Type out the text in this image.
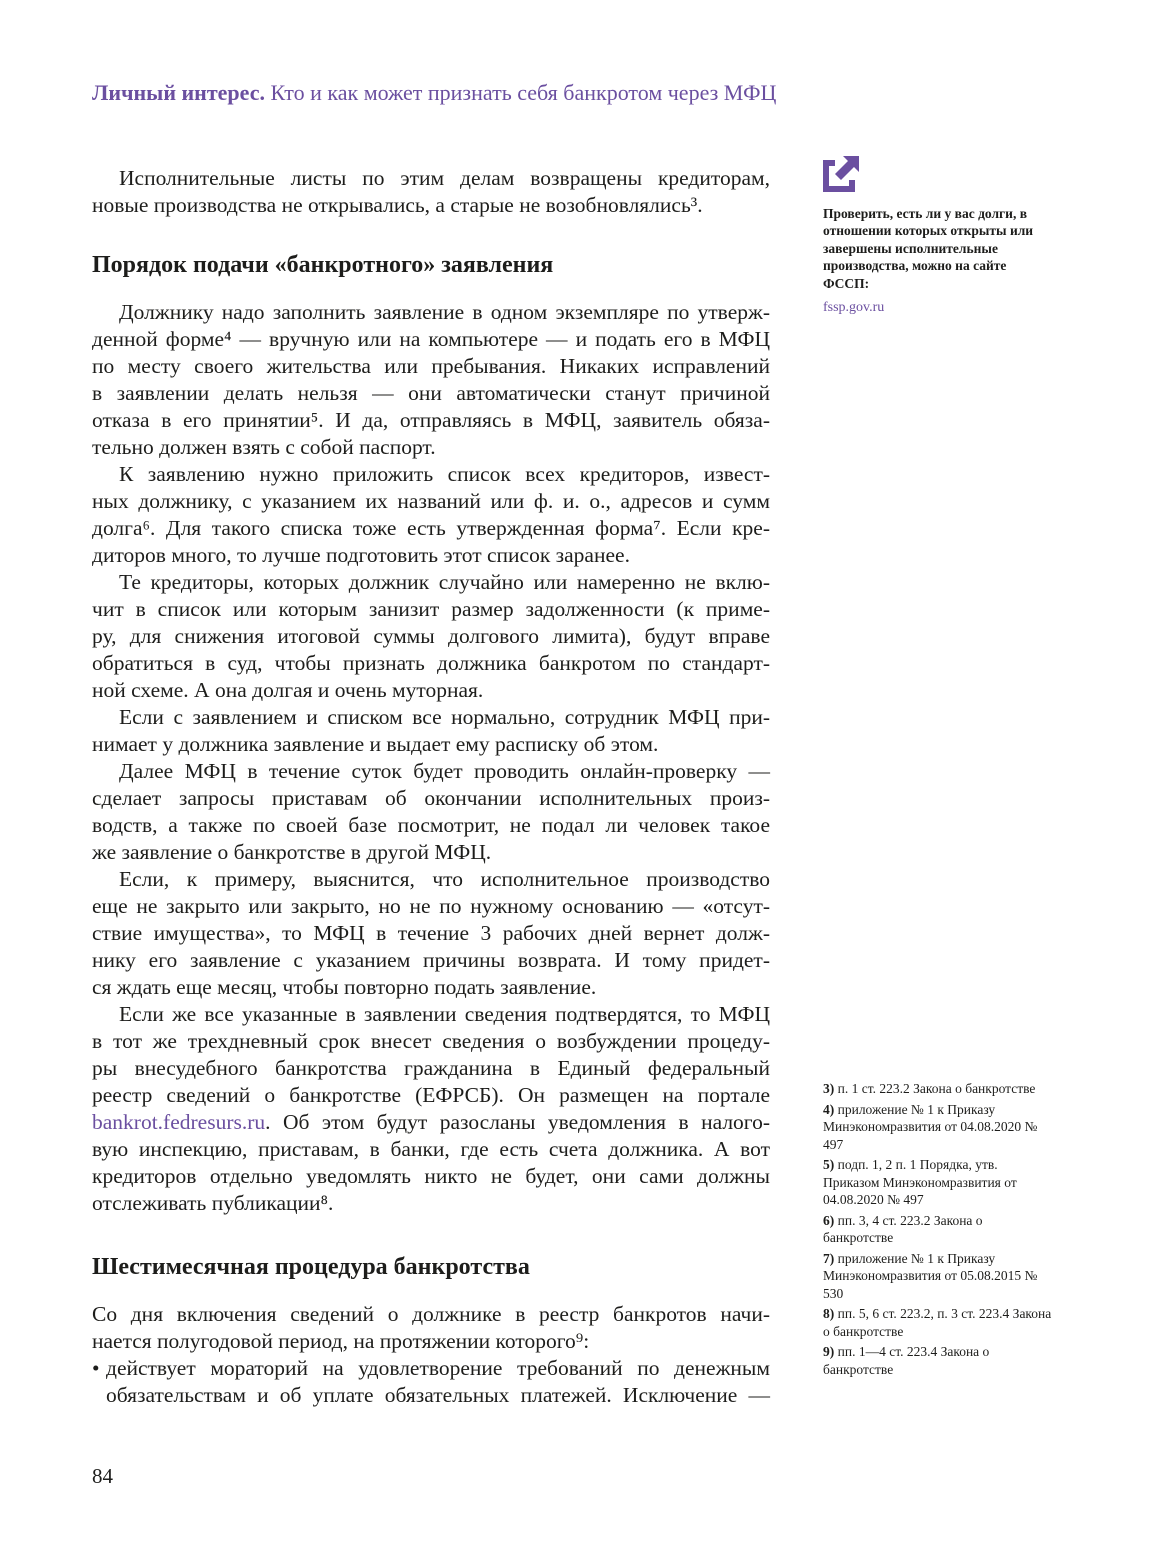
Личный интерес. Кто и как может признать себя банкротом через МФЦ
Исполнительные листы по этим делам возвращены кредиторам,
новые производства не открывались, а старые не возобновлялись³.
Порядок подачи «банкротного» заявления
Должнику надо заполнить заявление в одном экземпляре по утверж-
денной форме⁴ — вручную или на компьютере — и подать его в МФЦ
по месту своего жительства или пребывания. Никаких исправлений
в заявлении делать нельзя — они автоматически станут причиной
отказа в его принятии⁵. И да, отправляясь в МФЦ, заявитель обяза-
тельно должен взять с собой паспорт.
К заявлению нужно приложить список всех кредиторов, извест-
ных должнику, с указанием их названий или ф. и. о., адресов и сумм
долга⁶. Для такого списка тоже есть утвержденная форма⁷. Если кре-
диторов много, то лучше подготовить этот список заранее.
Те кредиторы, которых должник случайно или намеренно не вклю-
чит в список или которым занизит размер задолженности (к приме-
ру, для снижения итоговой суммы долгового лимита), будут вправе
обратиться в суд, чтобы признать должника банкротом по стандарт-
ной схеме. А она долгая и очень муторная.
Если с заявлением и списком все нормально, сотрудник МФЦ при-
нимает у должника заявление и выдает ему расписку об этом.
Далее МФЦ в течение суток будет проводить онлайн-проверку —
сделает запросы приставам об окончании исполнительных произ-
водств, а также по своей базе посмотрит, не подал ли человек такое
же заявление о банкротстве в другой МФЦ.
Если, к примеру, выяснится, что исполнительное производство
еще не закрыто или закрыто, но не по нужному основанию — «отсут-
ствие имущества», то МФЦ в течение 3 рабочих дней вернет долж-
нику его заявление с указанием причины возврата. И тому придет-
ся ждать еще месяц, чтобы повторно подать заявление.
Если же все указанные в заявлении сведения подтвердятся, то МФЦ
в тот же трехдневный срок внесет сведения о возбуждении процеду-
ры внесудебного банкротства гражданина в Единый федеральный
реестр сведений о банкротстве (ЕФРСБ). Он размещен на портале
bankrot.fedresurs.ru. Об этом будут разосланы уведомления в налого-
вую инспекцию, приставам, в банки, где есть счета должника. А вот
кредиторов отдельно уведомлять никто не будет, они сами должны
отслеживать публикации⁸.
Шестимесячная процедура банкротства
Со дня включения сведений о должнике в реестр банкротов начи-
нается полугодовой период, на протяжении которого⁹:
• действует мораторий на удовлетворение требований по денежным
обязательствам и об уплате обязательных платежей. Исключение —
Проверить, есть ли у вас долги, в отношении которых открыты или завершены исполнительные производства, можно на сайте ФССП:
fssp.gov.ru
3) п. 1 ст. 223.2 Закона о банкротстве
4) приложение № 1 к Приказу Минэкономразвития от 04.08.2020 № 497
5) подп. 1, 2 п. 1 Порядка, утв. Приказом Минэкономразвития от 04.08.2020 № 497
6) пп. 3, 4 ст. 223.2 Закона о банкротстве
7) приложение № 1 к Приказу Минэкономразвития от 05.08.2015 № 530
8) пп. 5, 6 ст. 223.2, п. 3 ст. 223.4 Закона о банкротстве
9) пп. 1—4 ст. 223.4 Закона о банкротстве
84
